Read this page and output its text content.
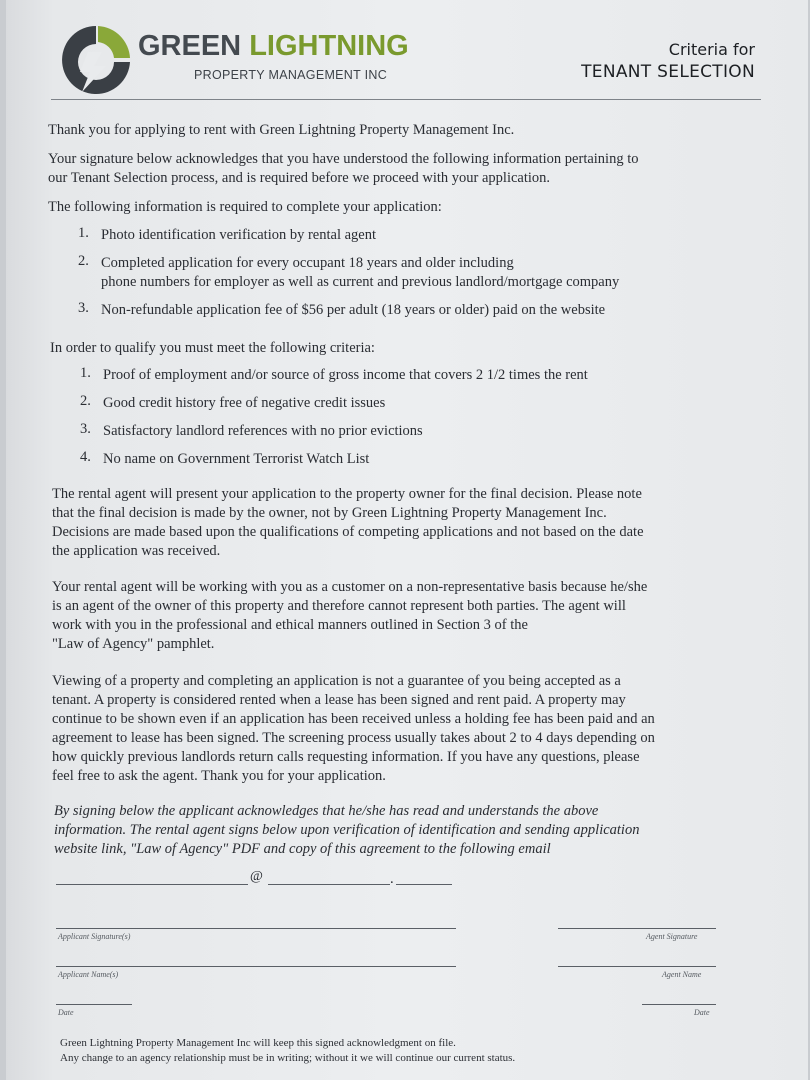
GREEN LIGHTNING
PROPERTY MANAGEMENT INC
Criteria for
TENANT SELECTION
Thank you for applying to rent with Green Lightning Property Management Inc.
Your signature below acknowledges that you have understood the following information pertaining to
our Tenant Selection process, and is required before we proceed with your application.
The following information is required to complete your application:
1. Photo identification verification by rental agent
2. Completed application for every occupant 18 years and older including
phone numbers for employer as well as current and previous landlord/mortgage company
3. Non-refundable application fee of $56 per adult (18 years or older) paid on the website
In order to qualify you must meet the following criteria:
1. Proof of employment and/or source of gross income that covers 2 1/2 times the rent
2. Good credit history free of negative credit issues
3. Satisfactory landlord references with no prior evictions
4. No name on Government Terrorist Watch List
The rental agent will present your application to the property owner for the final decision. Please note
that the final decision is made by the owner, not by Green Lightning Property Management Inc.
Decisions are made based upon the qualifications of competing applications and not based on the date
the application was received.
Your rental agent will be working with you as a customer on a non-representative basis because he/she
is an agent of the owner of this property and therefore cannot represent both parties. The agent will
work with you in the professional and ethical manners outlined in Section 3 of the
"Law of Agency" pamphlet.
Viewing of a property and completing an application is not a guarantee of you being accepted as a
tenant. A property is considered rented when a lease has been signed and rent paid. A property may
continue to be shown even if an application has been received unless a holding fee has been paid and an
agreement to lease has been signed. The screening process usually takes about 2 to 4 days depending on
how quickly previous landlords return calls requesting information. If you have any questions, please
feel free to ask the agent. Thank you for your application.
By signing below the applicant acknowledges that he/she has read and understands the above
information. The rental agent signs below upon verification of identification and sending application
website link, "Law of Agency" PDF and copy of this agreement to the following email
@	.
Applicant Signature(s)	Agent Signature
Applicant Name(s)	Agent Name
Date	Date
Green Lightning Property Management Inc will keep this signed acknowledgment on file.
Any change to an agency relationship must be in writing; without it we will continue our current status.
